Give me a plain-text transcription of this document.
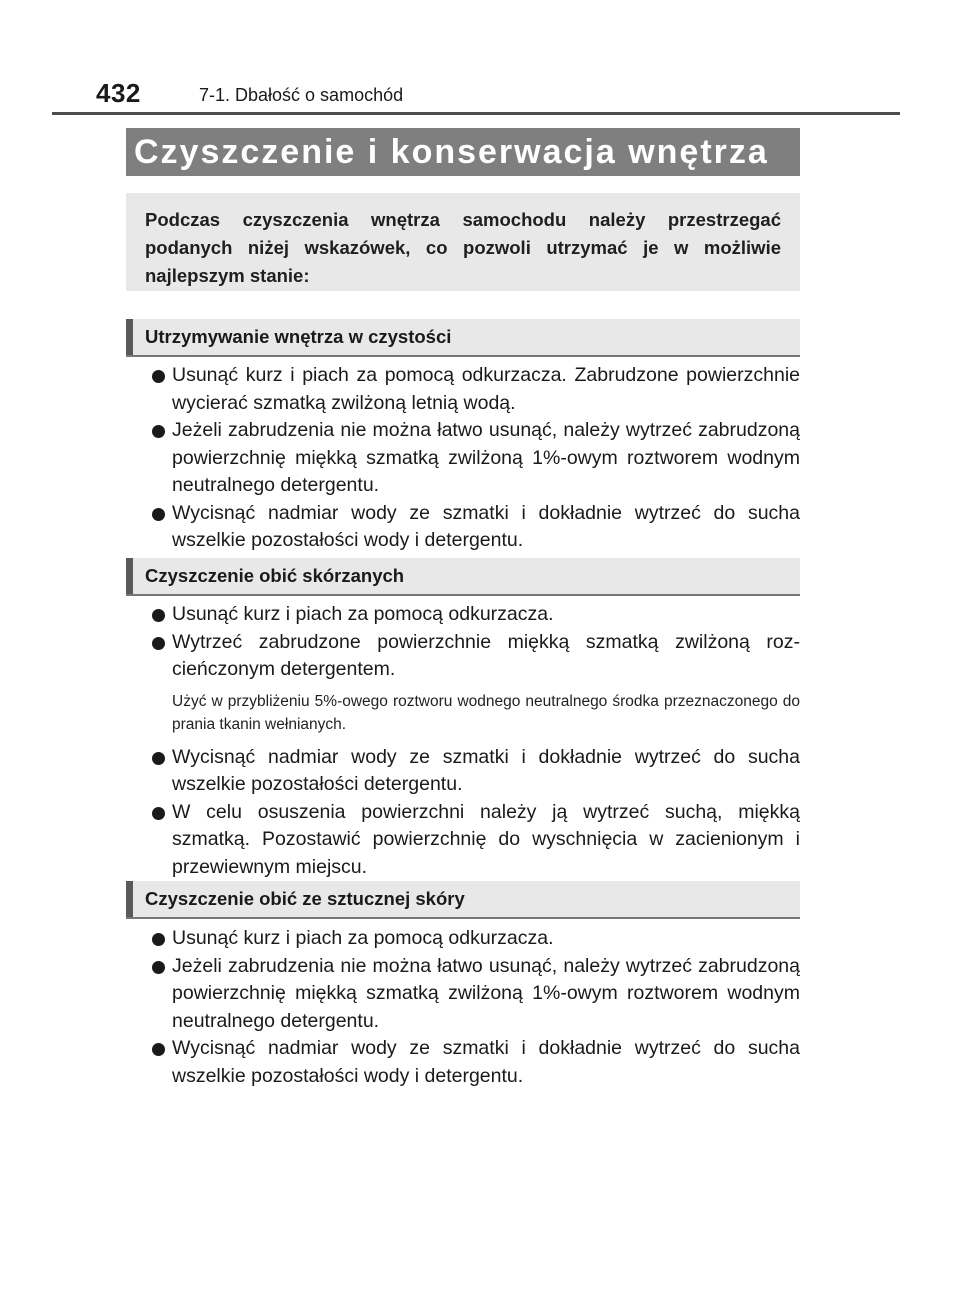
432	7-1. Dbałość o samochód
Czyszczenie i konserwacja wnętrza
Podczas czyszczenia wnętrza samochodu należy przestrzegać podanych niżej wskazówek, co pozwoli utrzymać je w możliwie najlepszym stanie:
Utrzymywanie wnętrza w czystości
Usunąć kurz i piach za pomocą odkurzacza. Zabrudzone powierzchnie wycierać szmatką zwilżoną letnią wodą.
Jeżeli zabrudzenia nie można łatwo usunąć, należy wytrzeć zabrudzoną powierzchnię miękką szmatką zwilżoną 1%-owym roztworem wodnym neutralnego detergentu.
Wycisnąć nadmiar wody ze szmatki i dokładnie wytrzeć do sucha wszelkie pozostałości wody i detergentu.
Czyszczenie obić skórzanych
Usunąć kurz i piach za pomocą odkurzacza.
Wytrzeć zabrudzone powierzchnie miękką szmatką zwilżoną rozcieńczonym detergentem.
Użyć w przybliżeniu 5%-owego roztworu wodnego neutralnego środka przeznaczonego do prania tkanin wełnianych.
Wycisnąć nadmiar wody ze szmatki i dokładnie wytrzeć do sucha wszelkie pozostałości detergentu.
W celu osuszenia powierzchni należy ją wytrzeć suchą, miękką szmatką. Pozostawić powierzchnię do wyschnięcia w zacienionym i przewiewnym miejscu.
Czyszczenie obić ze sztucznej skóry
Usunąć kurz i piach za pomocą odkurzacza.
Jeżeli zabrudzenia nie można łatwo usunąć, należy wytrzeć zabrudzoną powierzchnię miękką szmatką zwilżoną 1%-owym roztworem wodnym neutralnego detergentu.
Wycisnąć nadmiar wody ze szmatki i dokładnie wytrzeć do sucha wszelkie pozostałości wody i detergentu.
